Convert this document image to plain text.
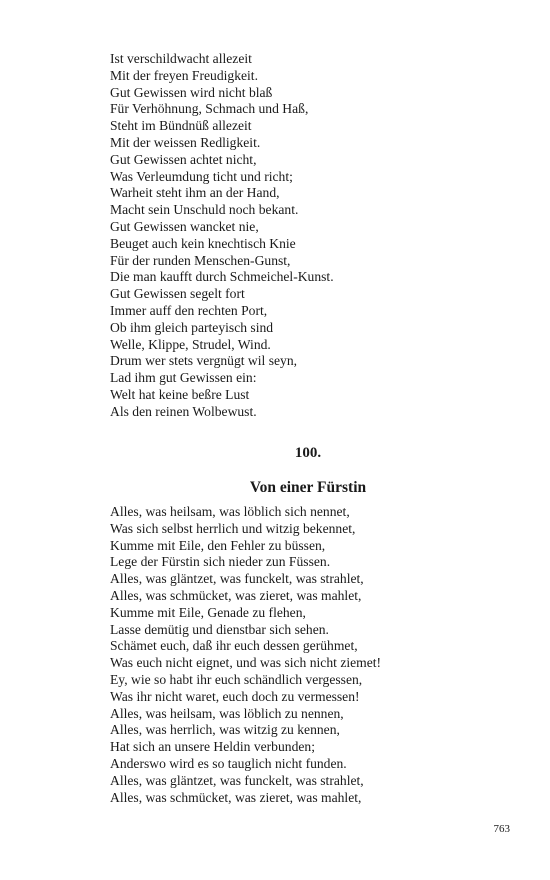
Ist verschildwacht allezeit
Mit der freyen Freudigkeit.
Gut Gewissen wird nicht blaß
Für Verhöhnung, Schmach und Haß,
Steht im Bündnüß allezeit
Mit der weissen Redligkeit.
Gut Gewissen achtet nicht,
Was Verleumdung ticht und richt;
Warheit steht ihm an der Hand,
Macht sein Unschuld noch bekant.
Gut Gewissen wancket nie,
Beuget auch kein knechtisch Knie
Für der runden Menschen-Gunst,
Die man kaufft durch Schmeichel-Kunst.
Gut Gewissen segelt fort
Immer auff den rechten Port,
Ob ihm gleich parteyisch sind
Welle, Klippe, Strudel, Wind.
Drum wer stets vergnügt wil seyn,
Lad ihm gut Gewissen ein:
Welt hat keine beßre Lust
Als den reinen Wolbewust.
100.
Von einer Fürstin
Alles, was heilsam, was löblich sich nennet,
Was sich selbst herrlich und witzig bekennet,
Kumme mit Eile, den Fehler zu büssen,
Lege der Fürstin sich nieder zun Füssen.
Alles, was gläntzet, was funckelt, was strahlet,
Alles, was schmücket, was zieret, was mahlet,
Kumme mit Eile, Genade zu flehen,
Lasse demütig und dienstbar sich sehen.
Schämet euch, daß ihr euch dessen gerühmet,
Was euch nicht eignet, und was sich nicht ziemet!
Ey, wie so habt ihr euch schändlich vergessen,
Was ihr nicht waret, euch doch zu vermessen!
Alles, was heilsam, was löblich zu nennen,
Alles, was herrlich, was witzig zu kennen,
Hat sich an unsere Heldin verbunden;
Anderswo wird es so tauglich nicht funden.
Alles, was gläntzet, was funckelt, was strahlet,
Alles, was schmücket, was zieret, was mahlet,
763
